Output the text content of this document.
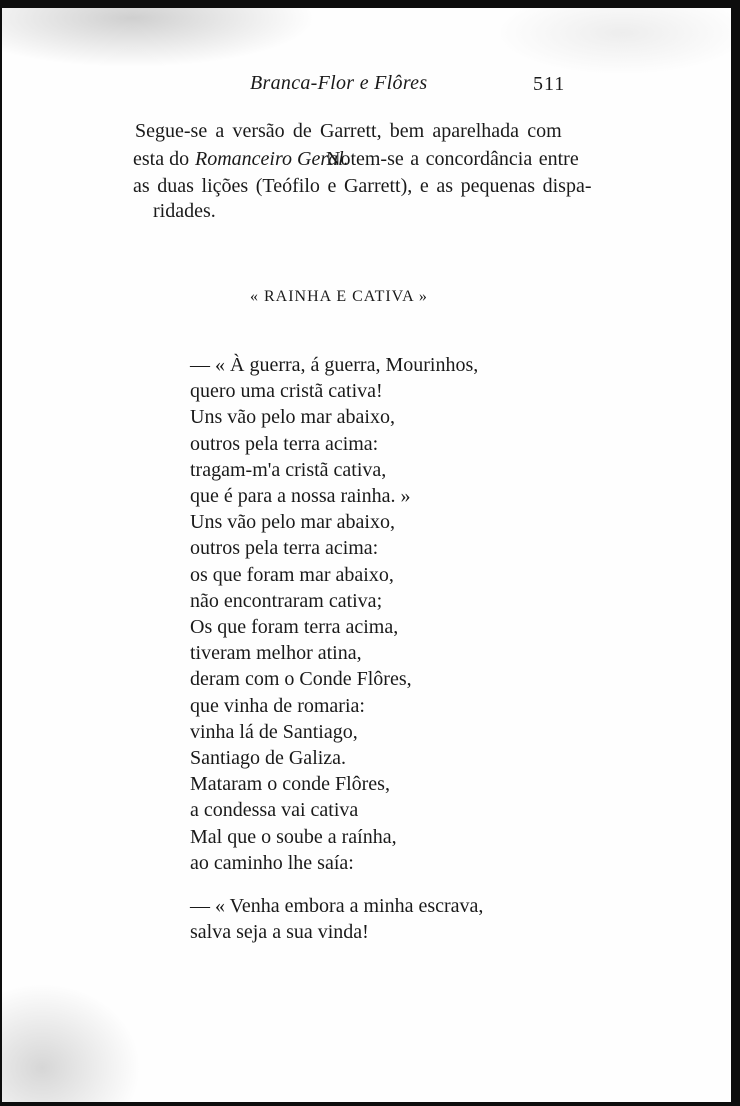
Branca-Flor e Flôres	511
Segue-se a versão de Garrett, bem aparelhada com
esta do Romanceiro Geral.
Notem-se a concordância entre
as duas lições (Teófilo e Garrett), e as pequenas dispa-
ridades.
« RAINHA E CATIVA »
— « À guerra, á guerra, Mourinhos,
quero uma cristã cativa!
Uns vão pelo mar abaixo,
outros pela terra acima:
tragam-m'a cristã cativa,
que é para a nossa rainha. »
Uns vão pelo mar abaixo,
outros pela terra acima:
os que foram mar abaixo,
não encontraram cativa;
Os que foram terra acima,
tiveram melhor atina,
deram com o Conde Flôres,
que vinha de romaria:
vinha lá de Santiago,
Santiago de Galiza.
Mataram o conde Flôres,
a condessa vai cativa
Mal que o soube a raínha,
ao caminho lhe saía:
— « Venha embora a minha escrava,
salva seja a sua vinda!
